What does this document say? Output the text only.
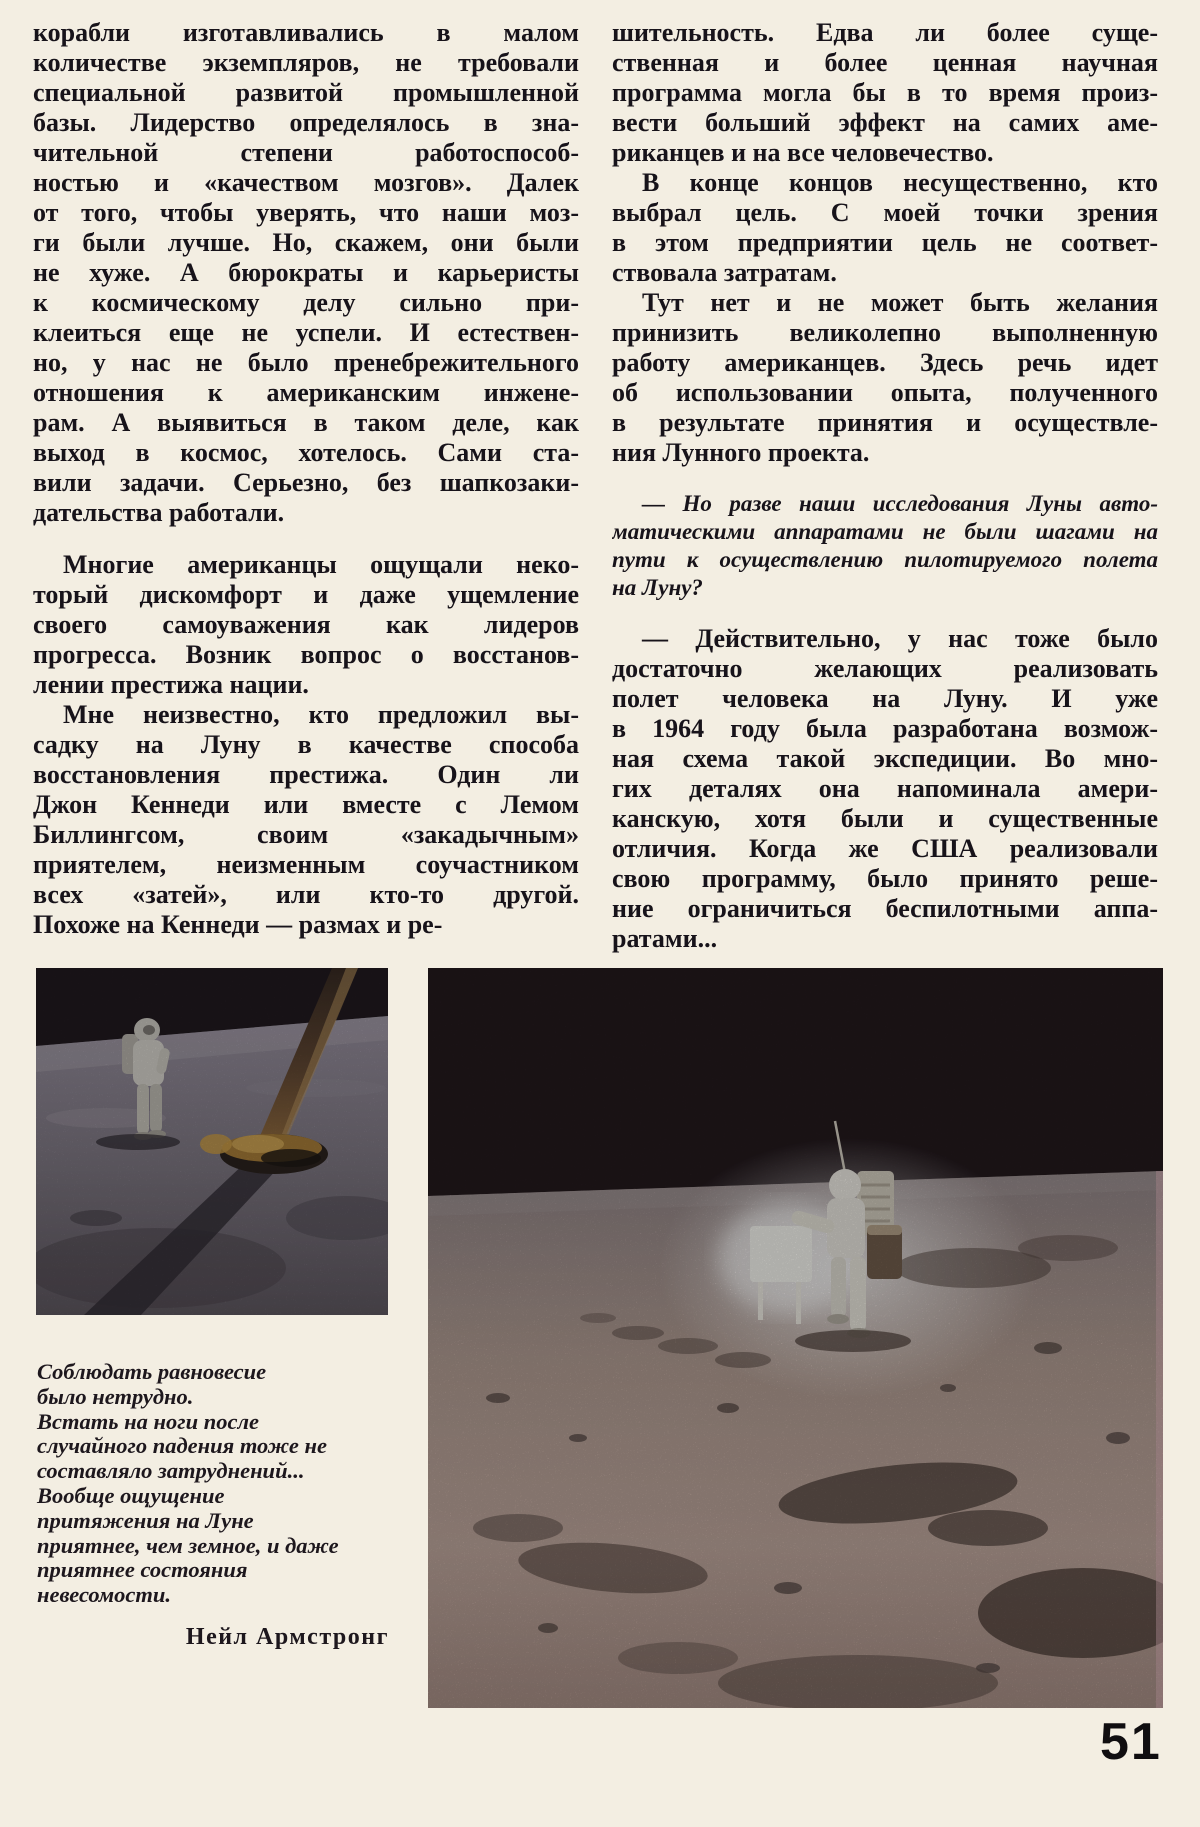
корабли изготавливались в малом
количестве экземпляров, не требовали
специальной развитой промышленной
базы. Лидерство определялось в зна-
чительной степени работоспособ-
ностью и «качеством мозгов». Далек
от того, чтобы уверять, что наши моз-
ги были лучше. Но, скажем, они были
не хуже. А бюрократы и карьеристы
к космическому делу сильно при-
клеиться еще не успели. И естествен-
но, у нас не было пренебрежительного
отношения к американским инжене-
рам. А выявиться в таком деле, как
выход в космос, хотелось. Сами ста-
вили задачи. Серьезно, без шапкозаки-
дательства работали.
Многие американцы ощущали неко-
торый дискомфорт и даже ущемление
своего самоуважения как лидеров
прогресса. Возник вопрос о восстанов-
лении престижа нации.
Мне неизвестно, кто предложил вы-
садку на Луну в качестве способа
восстановления престижа. Один ли
Джон Кеннеди или вместе с Лемом
Биллингсом, своим «закадычным»
приятелем, неизменным соучастником
всех «затей», или кто-то другой.
Похоже на Кеннеди — размах и ре-
шительность. Едва ли более суще-
ственная и более ценная научная
программа могла бы в то время произ-
вести больший эффект на самих аме-
риканцев и на все человечество.
В конце концов несущественно, кто
выбрал цель. С моей точки зрения
в этом предприятии цель не соответ-
ствовала затратам.
Тут нет и не может быть желания
принизить великолепно выполненную
работу американцев. Здесь речь идет
об использовании опыта, полученного
в результате принятия и осуществле-
ния Лунного проекта.
— Но разве наши исследования Луны авто-
матическими аппаратами не были шагами на
пути к осуществлению пилотируемого полета
на Луну?
— Действительно, у нас тоже было
достаточно желающих реализовать
полет человека на Луну. И уже
в 1964 году была разработана возмож-
ная схема такой экспедиции. Во мно-
гих деталях она напоминала амери-
канскую, хотя были и существенные
отличия. Когда же США реализовали
свою программу, было принято реше-
ние ограничиться беспилотными аппа-
ратами...
Соблюдать равновесие
было нетрудно.
Встать на ноги после
случайного падения тоже не
составляло затруднений...
Вообще ощущение
притяжения на Луне
приятнее, чем земное, и даже
приятнее состояния
невесомости.
Нейл Армстронг
51
